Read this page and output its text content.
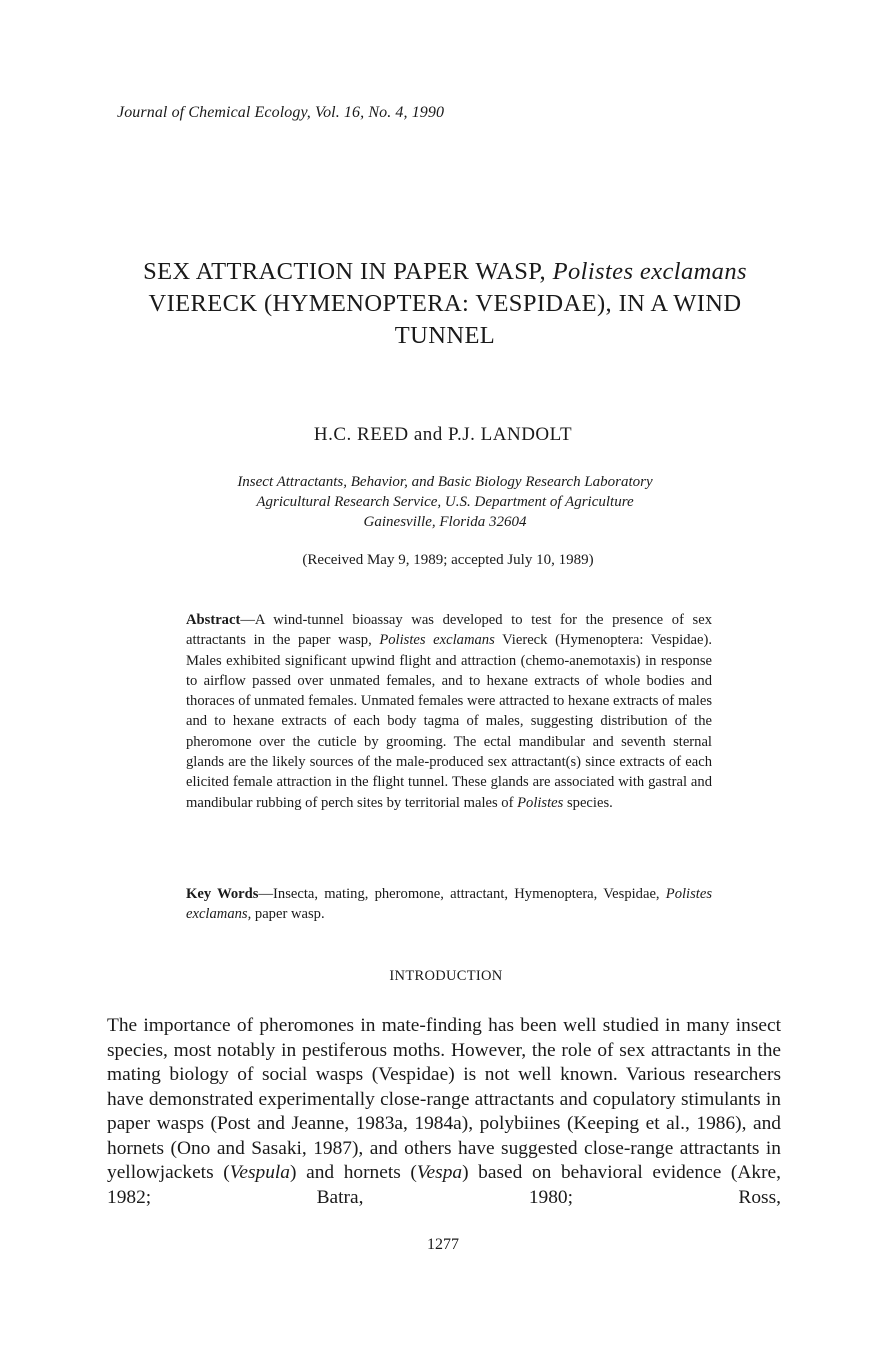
Journal of Chemical Ecology, Vol. 16, No. 4, 1990
SEX ATTRACTION IN PAPER WASP, Polistes exclamans VIERECK (HYMENOPTERA: VESPIDAE), IN A WIND TUNNEL
H.C. REED and P.J. LANDOLT
Insect Attractants, Behavior, and Basic Biology Research Laboratory
Agricultural Research Service, U.S. Department of Agriculture
Gainesville, Florida 32604
(Received May 9, 1989; accepted July 10, 1989)
Abstract—A wind-tunnel bioassay was developed to test for the presence of sex attractants in the paper wasp, Polistes exclamans Viereck (Hymenoptera: Vespidae). Males exhibited significant upwind flight and attraction (chemo-anemotaxis) in response to airflow passed over unmated females, and to hexane extracts of whole bodies and thoraces of unmated females. Unmated females were attracted to hexane extracts of males and to hexane extracts of each body tagma of males, suggesting distribution of the pheromone over the cuticle by grooming. The ectal mandibular and seventh sternal glands are the likely sources of the male-produced sex attractant(s) since extracts of each elicited female attraction in the flight tunnel. These glands are associated with gastral and mandibular rubbing of perch sites by territorial males of Polistes species.
Key Words—Insecta, mating, pheromone, attractant, Hymenoptera, Vespidae, Polistes exclamans, paper wasp.
INTRODUCTION
The importance of pheromones in mate-finding has been well studied in many insect species, most notably in pestiferous moths. However, the role of sex attractants in the mating biology of social wasps (Vespidae) is not well known. Various researchers have demonstrated experimentally close-range attractants and copulatory stimulants in paper wasps (Post and Jeanne, 1983a, 1984a), polybiines (Keeping et al., 1986), and hornets (Ono and Sasaki, 1987), and others have suggested close-range attractants in yellowjackets (Vespula) and hornets (Vespa) based on behavioral evidence (Akre, 1982; Batra, 1980; Ross,
1277
